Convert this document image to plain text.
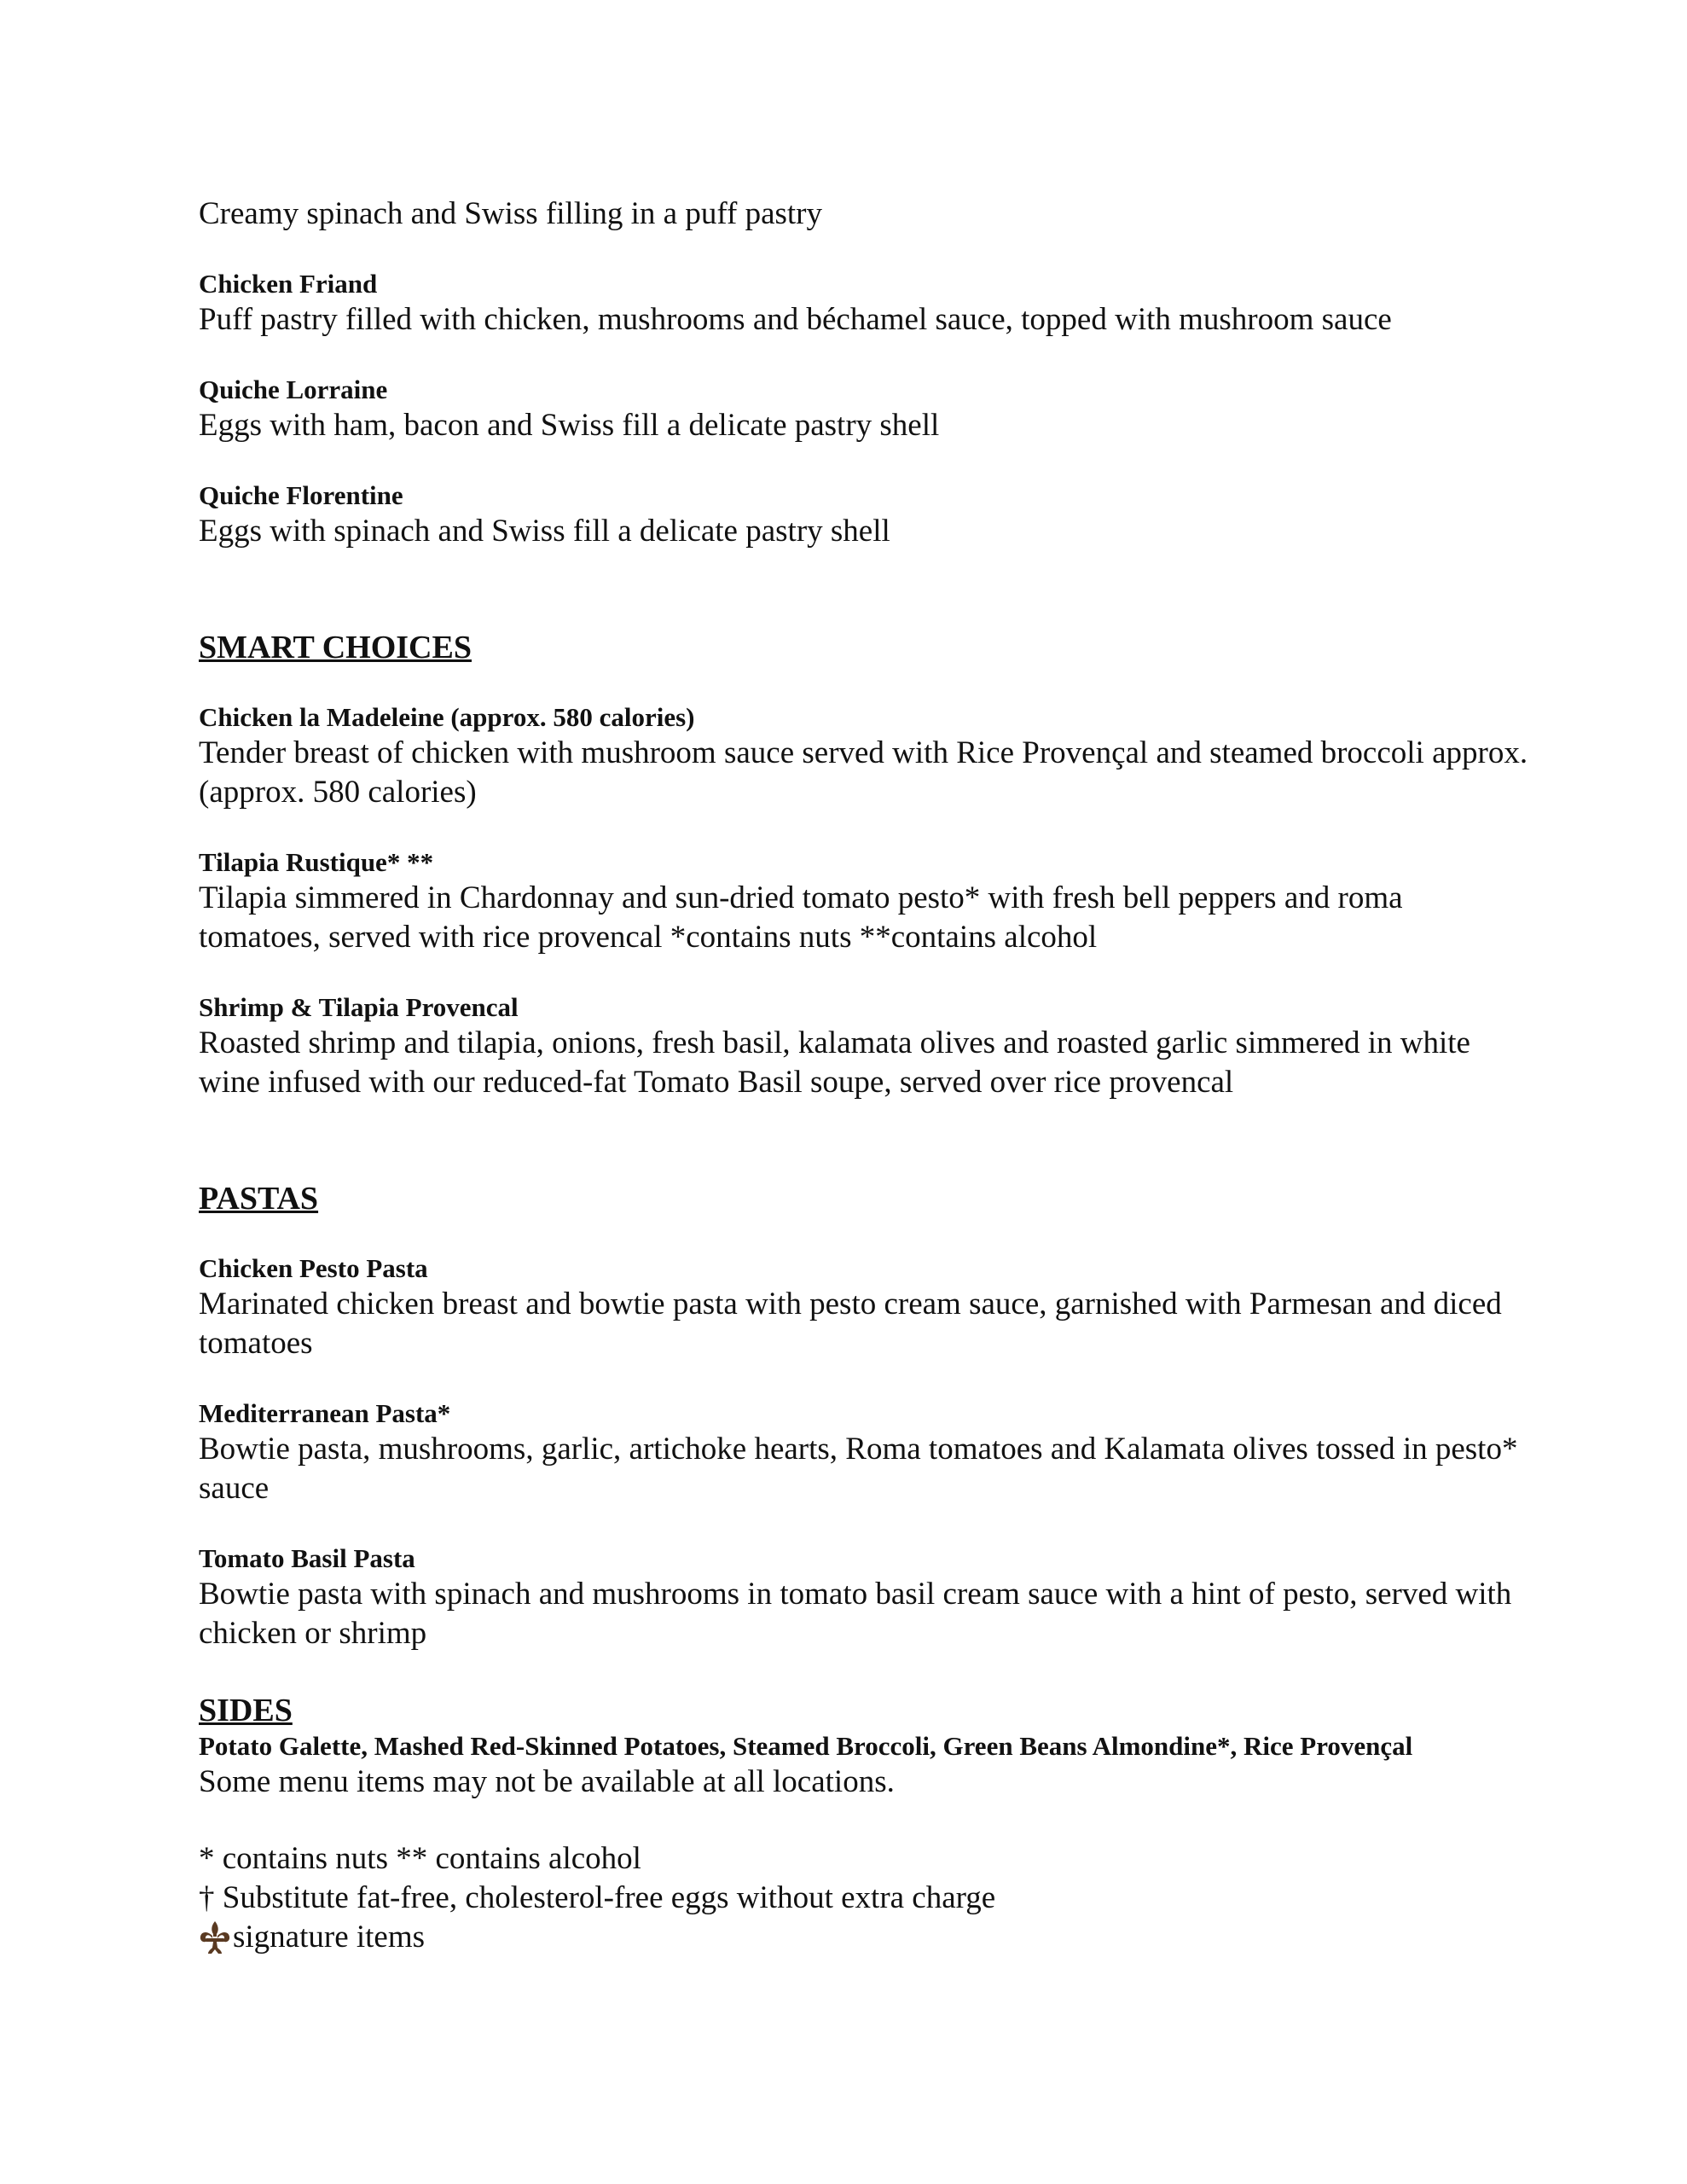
Creamy spinach and Swiss filling in a puff pastry
Chicken Friand
Puff pastry filled with chicken, mushrooms and béchamel sauce, topped with mushroom sauce
Quiche Lorraine
Eggs with ham, bacon and Swiss fill a delicate pastry shell
Quiche Florentine
Eggs with spinach and Swiss fill a delicate pastry shell
SMART CHOICES
Chicken la Madeleine (approx. 580 calories)
Tender breast of chicken with mushroom sauce served with Rice Provençal and steamed broccoli approx. (approx. 580 calories)
Tilapia Rustique* **
Tilapia simmered in Chardonnay and sun-dried tomato pesto* with fresh bell peppers and roma tomatoes, served with rice provencal *contains nuts **contains alcohol
Shrimp & Tilapia Provencal
Roasted shrimp and tilapia, onions, fresh basil, kalamata olives and roasted garlic simmered in white wine infused with our reduced-fat Tomato Basil soupe, served over rice provencal
PASTAS
Chicken Pesto Pasta
Marinated chicken breast and bowtie pasta with pesto cream sauce, garnished with Parmesan and diced tomatoes
Mediterranean Pasta*
Bowtie pasta, mushrooms, garlic, artichoke hearts, Roma tomatoes and Kalamata olives tossed in pesto* sauce
Tomato Basil Pasta
Bowtie pasta with spinach and mushrooms in tomato basil cream sauce with a hint of pesto, served with chicken or shrimp
SIDES
Potato Galette, Mashed Red-Skinned Potatoes, Steamed Broccoli, Green Beans Almondine*, Rice Provençal
Some menu items may not be available at all locations.
* contains nuts ** contains alcohol
† Substitute fat-free, cholesterol-free eggs without extra charge
signature items
